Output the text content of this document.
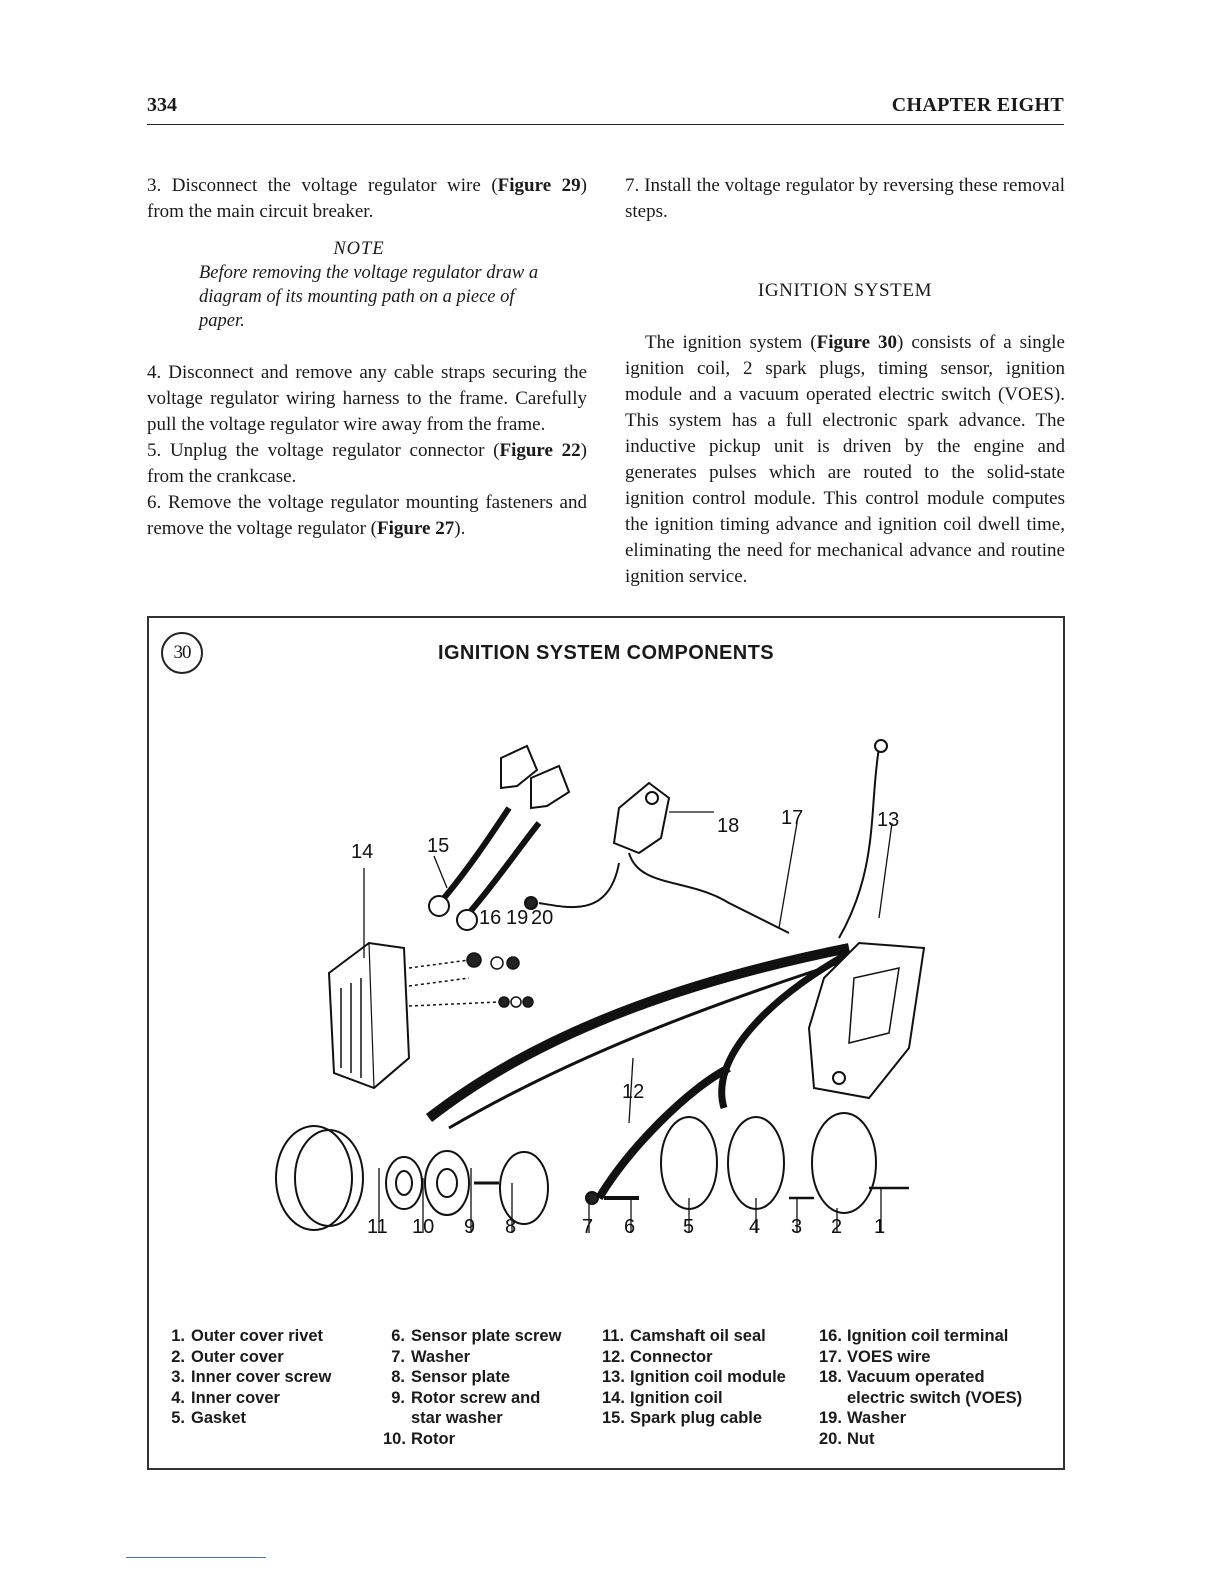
334	CHAPTER EIGHT

3. Disconnect the voltage regulator wire (Figure 29) from the main circuit breaker.

NOTE
Before removing the voltage regulator draw a diagram of its mounting path on a piece of paper.

4. Disconnect and remove any cable straps securing the voltage regulator wiring harness to the frame. Carefully pull the voltage regulator wire away from the frame.

5. Unplug the voltage regulator connector (Figure 22) from the crankcase.

6. Remove the voltage regulator mounting fasteners and remove the voltage regulator (Figure 27).

7. Install the voltage regulator by reversing these removal steps.

IGNITION SYSTEM

The ignition system (Figure 30) consists of a single ignition coil, 2 spark plugs, timing sensor, ignition module and a vacuum operated electric switch (VOES). This system has a full electronic spark advance. The inductive pickup unit is driven by the engine and generates pulses which are routed to the solid-state ignition control module. This control module computes the ignition timing advance and ignition coil dwell time, eliminating the need for mechanical advance and routine ignition service.

30	IGNITION SYSTEM COMPONENTS
1
2
3
4
5
6
7
8
9
10
11
12
13
14	15
16
17
18
19 20
1. Outer cover rivet
2. Outer cover
3. Inner cover screw
4. Inner cover
5. Gasket
6. Sensor plate screw
7. Washer
8. Sensor plate
9. Rotor screw and
star washer
10. Rotor
11. Camshaft oil seal
12. Connector
13. Ignition coil module
14. Ignition coil
15. Spark plug cable
16. Ignition coil terminal
17. VOES wire
18. Vacuum operated
electric switch (VOES)
19. Washer
20. Nut
